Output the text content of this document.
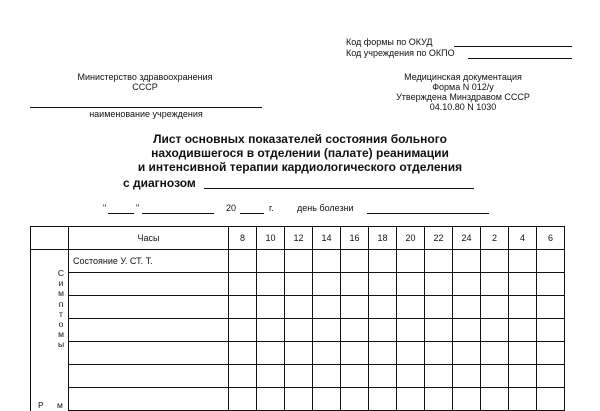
Код формы по ОКУД
Код учреждения по ОКПО
Министерство здравоохранения
СССР
наименование учреждения
Медицинская документация
Форма N 012/у
Утверждена Минздравом СССР
04.10.80 N 1030
Лист основных показателей состояния больного
находившегося в отделении (палате) реанимации
и интенсивной терапии кардиологического отделения
с диагнозом
"	"	20	г.	день болезни
	Часы	8	10	12	14	16	18	20	22	24	2	4	6
	Состояние У. СТ. Т.												

С
и
м
п
т
о
м
ы
Р м
